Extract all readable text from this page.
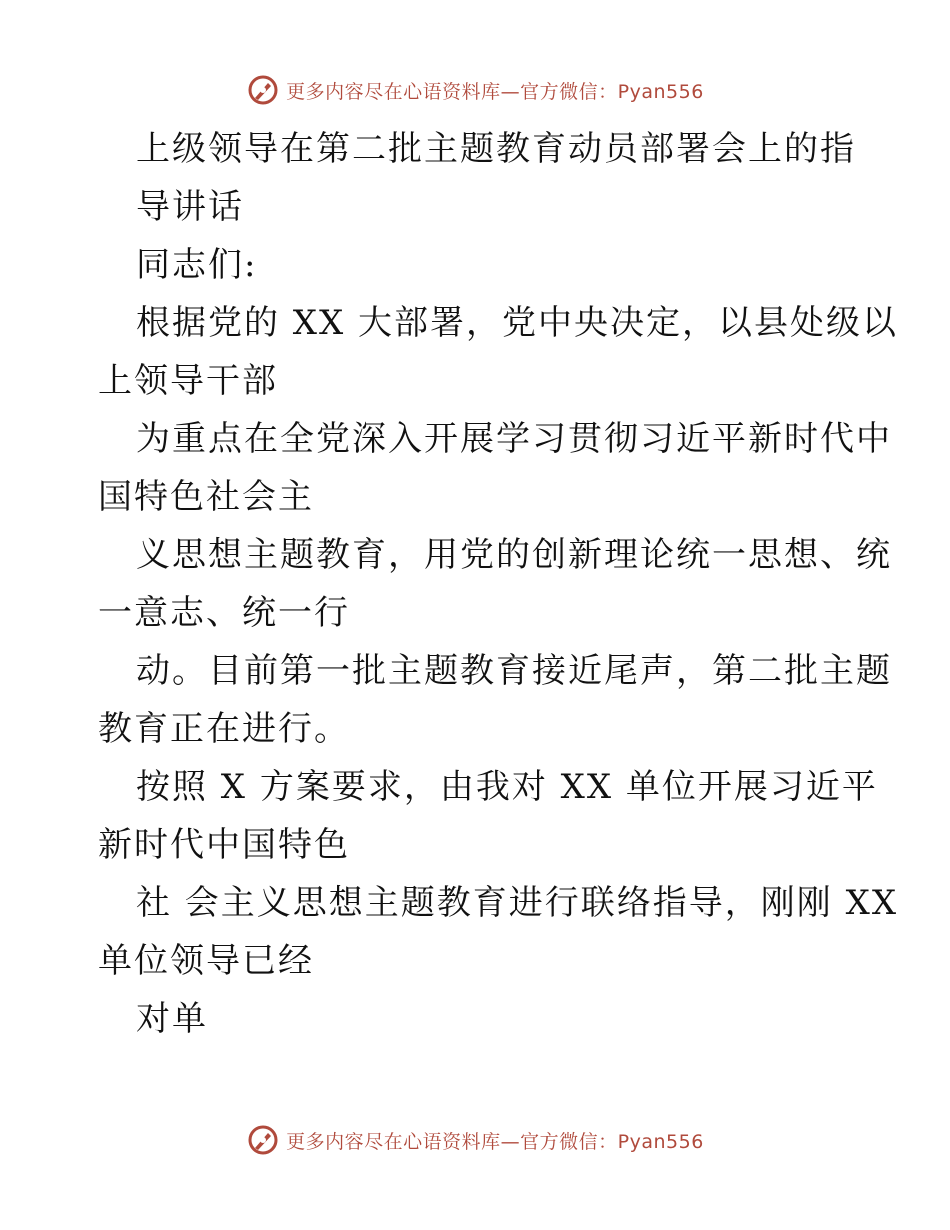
更多内容尽在心语资料库—官方微信：Pyan556
上级领导在第二批主题教育动员部署会上的指
导讲话
同志们:
根据党的 XX 大部署，党中央决定，以县处级以
上领导干部
为重点在全党深入开展学习贯彻习近平新时代中
国特色社会主
义思想主题教育，用党的创新理论统一思想、统
一意志、统一行
动。目前第一批主题教育接近尾声，第二批主题
教育正在进行。
按照 X 方案要求，由我对 XX 单位开展习近平
新时代中国特色
社 会主义思想主题教育进行联络指导，刚刚 XX
单位领导已经
对单
更多内容尽在心语资料库—官方微信：Pyan556
